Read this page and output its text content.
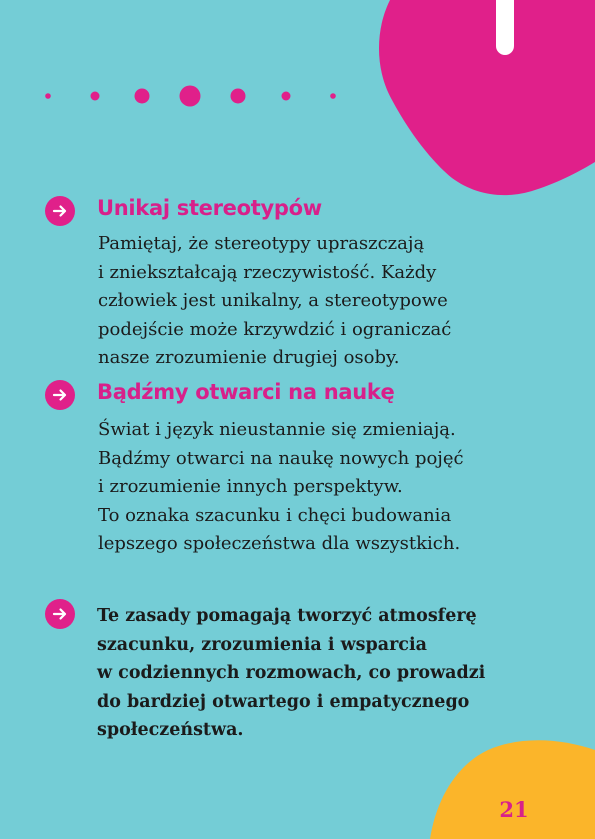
Unikaj stereotypów
Pamiętaj, że stereotypy upraszczają
i zniekształcają rzeczywistość. Każdy
człowiek jest unikalny, a stereotypowe
podejście może krzywdzić i ograniczać
nasze zrozumienie drugiej osoby.
Bądźmy otwarci na naukę
Świat i język nieustannie się zmieniają.
Bądźmy otwarci na naukę nowych pojęć
i zrozumienie innych perspektyw.
To oznaka szacunku i chęci budowania
lepszego społeczeństwa dla wszystkich.
Te zasady pomagają tworzyć atmosferę
szacunku, zrozumienia i wsparcia
w codziennych rozmowach, co prowadzi
do bardziej otwartego i empatycznego
społeczeństwa.
21
